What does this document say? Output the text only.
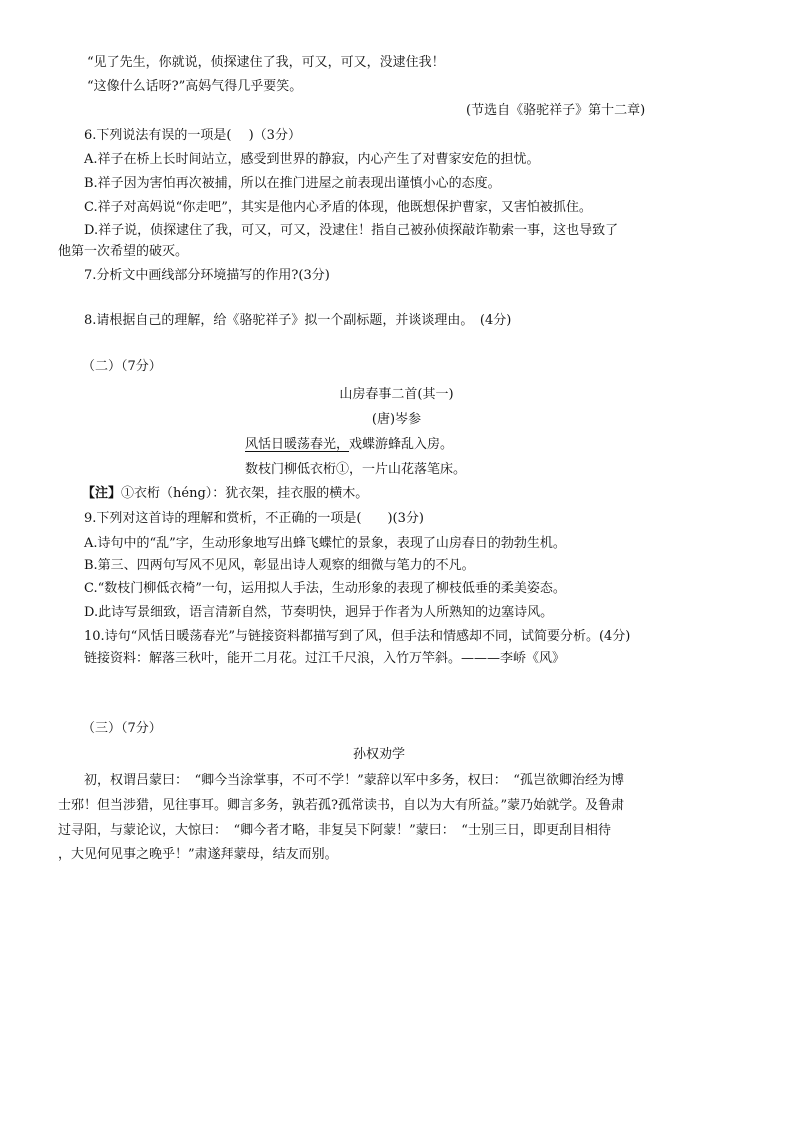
“见了先生，你就说，侦探逮住了我，可又，可又，没逮住我！
“这像什么话呀?”高妈气得几乎要笑。
(节选自《骆驼祥子》第十二章)
6.下列说法有误的一项是(　 )（3分）
A.祥子在桥上长时间站立，感受到世界的静寂，内心产生了对曹家安危的担忧。
B.祥子因为害怕再次被捕，所以在推门进屋之前表现出谨慎小心的态度。
C.祥子对高妈说“你走吧”，其实是他内心矛盾的体现，他既想保护曹家，又害怕被抓住。
D.祥子说，侦探逮住了我，可又，可又，没逮住！指自己被孙侦探敲诈勒索一事，这也导致了
他第一次希望的破灭。
7.分析文中画线部分环境描写的作用?(3分)
8.请根据自己的理解，给《骆驼祥子》拟一个副标题，并谈谈理由。　(4分)
（二）（7分）
山房春事二首(其一)
(唐)岑参
风恬日暖荡春光，戏蝶游蜂乱入房。
数枝门柳低衣桁①，一片山花落笔床。
【注】①衣桁（héng）：犹衣架，挂衣服的横木。
9.下列对这首诗的理解和赏析，不正确的一项是(　　)(3分)
A.诗句中的“乱”字，生动形象地写出蜂飞蝶忙的景象，表现了山房春日的勃勃生机。
B.第三、四两句写风不见风，彰显出诗人观察的细微与笔力的不凡。
C.“数枝门柳低衣椅”一句，运用拟人手法，生动形象的表现了柳枝低垂的柔美姿态。
D.此诗写景细致，语言清新自然，节奏明快，迥异于作者为人所熟知的边塞诗风。
10.诗句“风恬日暖荡春光”与链接资料都描写到了风，但手法和情感却不同，试简要分析。(4分)
链接资料：解落三秋叶，能开二月花。过江千尺浪，入竹万竿斜。———李峤《风》
（三）（7分）
孙权劝学
初，权谓吕蒙曰：　“卿今当涂掌事，不可不学！”蒙辞以军中多务，权曰：　“孤岂欲卿治经为博
士邪！但当涉猎，见往事耳。卿言多务，孰若孤?孤常读书，自以为大有所益。”蒙乃始就学。及鲁肃
过寻阳，与蒙论议，大惊曰：　“卿今者才略，非复吴下阿蒙！”蒙曰：　“士别三日，即更刮目相待
，大见何见事之晚乎！”肃遂拜蒙母，结友而别。
